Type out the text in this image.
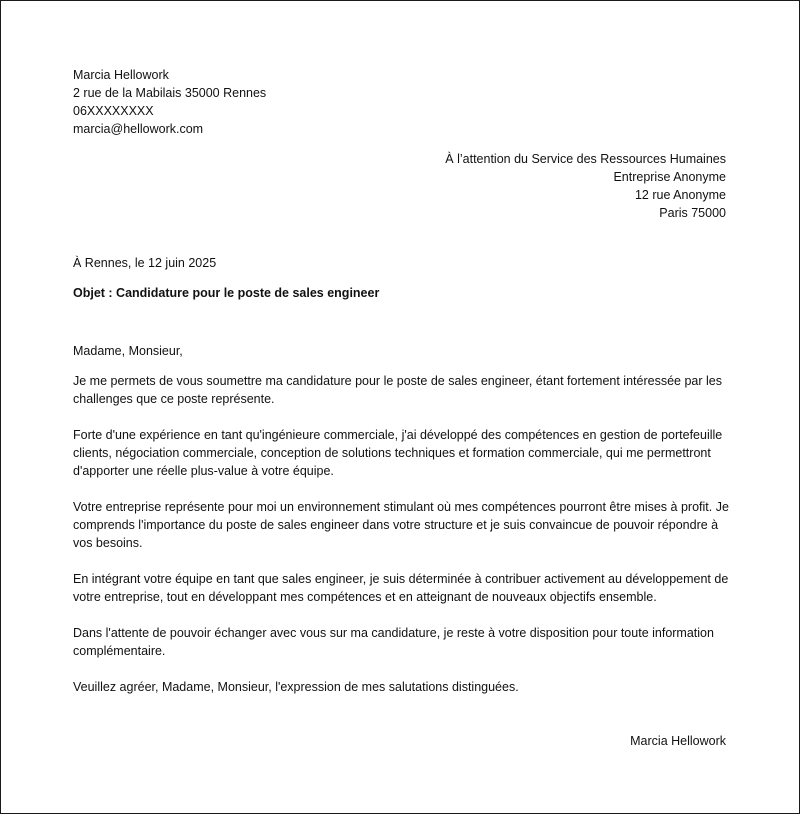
Marcia Hellowork
2 rue de la Mabilais 35000 Rennes
06XXXXXXXX
marcia@hellowork.com
À l’attention du Service des Ressources Humaines
Entreprise Anonyme
12 rue Anonyme
Paris 75000
À Rennes, le 12 juin 2025
Objet : Candidature pour le poste de sales engineer

Madame, Monsieur,

Je me permets de vous soumettre ma candidature pour le poste de sales engineer, étant fortement intéressée par les challenges que ce poste représente.

Forte d'une expérience en tant qu'ingénieure commerciale, j'ai développé des compétences en gestion de portefeuille clients, négociation commerciale, conception de solutions techniques et formation commerciale, qui me permettront d'apporter une réelle plus-value à votre équipe.

Votre entreprise représente pour moi un environnement stimulant où mes compétences pourront être mises à profit. Je comprends l'importance du poste de sales engineer dans votre structure et je suis convaincue de pouvoir répondre à vos besoins.

En intégrant votre équipe en tant que sales engineer, je suis déterminée à contribuer activement au développement de votre entreprise, tout en développant mes compétences et en atteignant de nouveaux objectifs ensemble.

Dans l'attente de pouvoir échanger avec vous sur ma candidature, je reste à votre disposition pour toute information complémentaire.

Veuillez agréer, Madame, Monsieur, l'expression de mes salutations distinguées.

Marcia Hellowork
